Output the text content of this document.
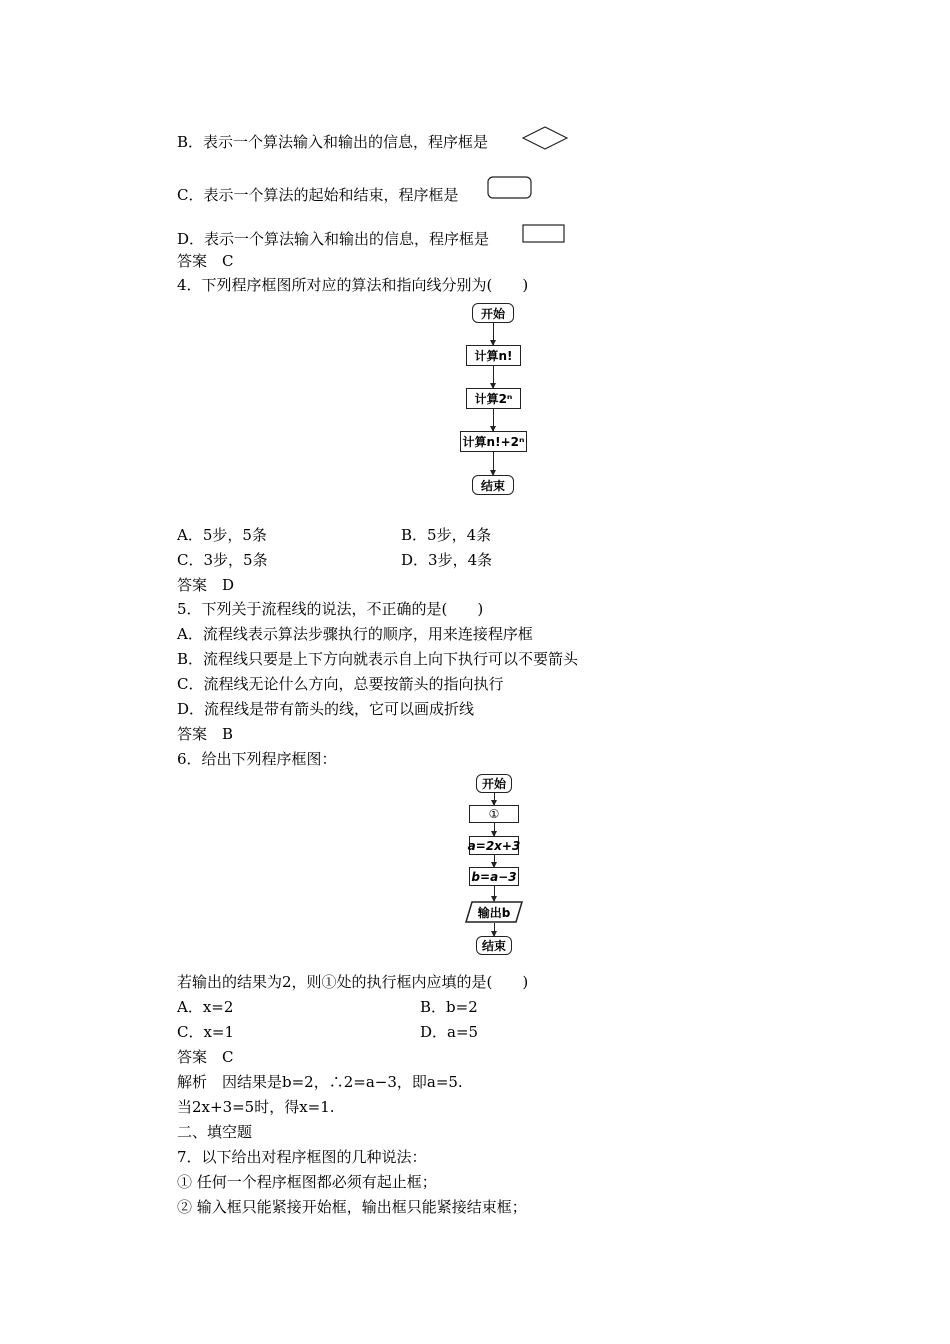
B．表示一个算法输入和输出的信息，程序框是
C．表示一个算法的起始和结束，程序框是
D．表示一个算法输入和输出的信息，程序框是
答案　C
4．下列程序框图所对应的算法和指向线分别为(　　)
开始
计算n!
计算2ⁿ
计算n!+2ⁿ
结束
A．5步，5条	B．5步，4条
C．3步，5条	D．3步，4条
答案　D
5．下列关于流程线的说法，不正确的是(　　)
A．流程线表示算法步骤执行的顺序，用来连接程序框
B．流程线只要是上下方向就表示自上向下执行可以不要箭头
C．流程线无论什么方向，总要按箭头的指向执行
D．流程线是带有箭头的线，它可以画成折线
答案　B
6．给出下列程序框图：
开始
①
a=2x+3
b=a−3
输出b
结束
若输出的结果为2，则①处的执行框内应填的是(　　)
A．x=2	B．b=2
C．x=1	D．a=5
答案　C
解析　因结果是b=2，∴2=a−3，即a=5.
当2x+3=5时，得x=1.
二、填空题
7．以下给出对程序框图的几种说法：
① 任何一个程序框图都必须有起止框；
② 输入框只能紧接开始框，输出框只能紧接结束框；
